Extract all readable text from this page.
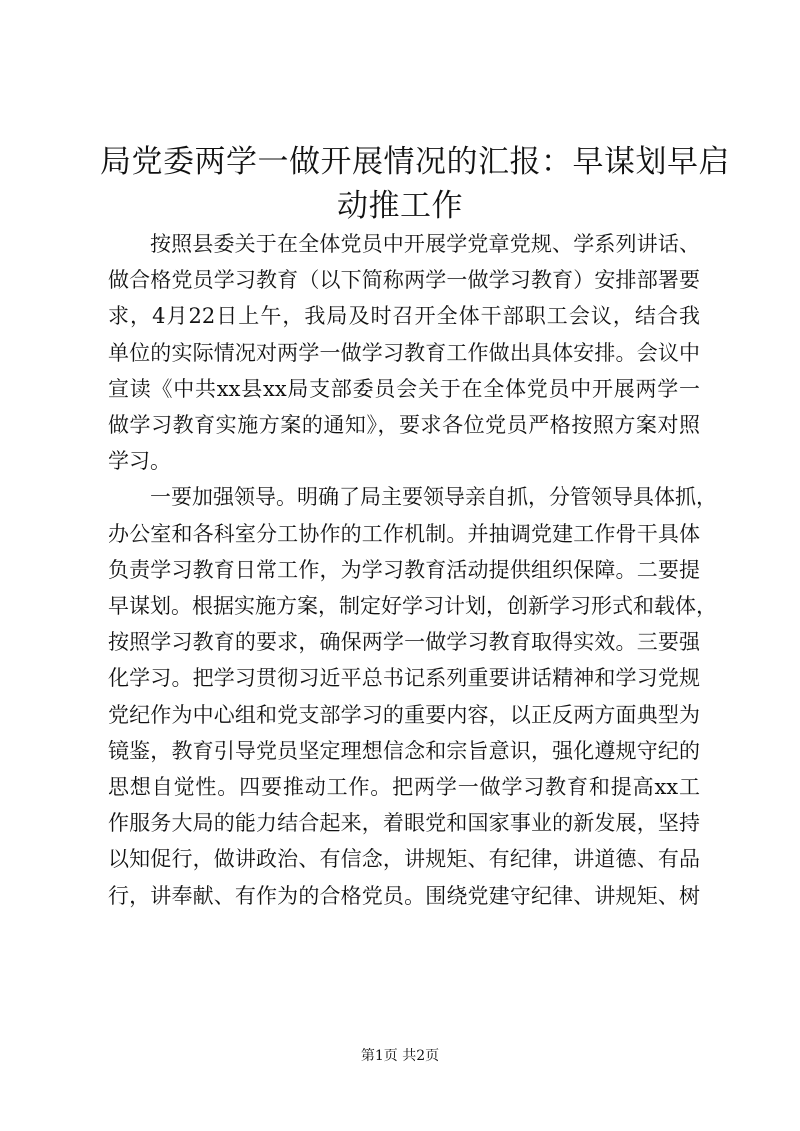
局党委两学一做开展情况的汇报：早谋划早启
动推工作
按照县委关于在全体党员中开展学党章党规、学系列讲话、
做合格党员学习教育（以下简称两学一做学习教育）安排部署要
求，4月22日上午，我局及时召开全体干部职工会议，结合我
单位的实际情况对两学一做学习教育工作做出具体安排。会议中
宣读《中共xx县xx局支部委员会关于在全体党员中开展两学一
做学习教育实施方案的通知》，要求各位党员严格按照方案对照
学习。
一要加强领导。明确了局主要领导亲自抓，分管领导具体抓，
办公室和各科室分工协作的工作机制。并抽调党建工作骨干具体
负责学习教育日常工作，为学习教育活动提供组织保障。二要提
早谋划。根据实施方案，制定好学习计划，创新学习形式和载体，
按照学习教育的要求，确保两学一做学习教育取得实效。三要强
化学习。把学习贯彻习近平总书记系列重要讲话精神和学习党规
党纪作为中心组和党支部学习的重要内容，以正反两方面典型为
镜鉴，教育引导党员坚定理想信念和宗旨意识，强化遵规守纪的
思想自觉性。四要推动工作。把两学一做学习教育和提高xx工
作服务大局的能力结合起来，着眼党和国家事业的新发展，坚持
以知促行，做讲政治、有信念，讲规矩、有纪律，讲道德、有品
行，讲奉献、有作为的合格党员。围绕党建守纪律、讲规矩、树
第1页 共2页
